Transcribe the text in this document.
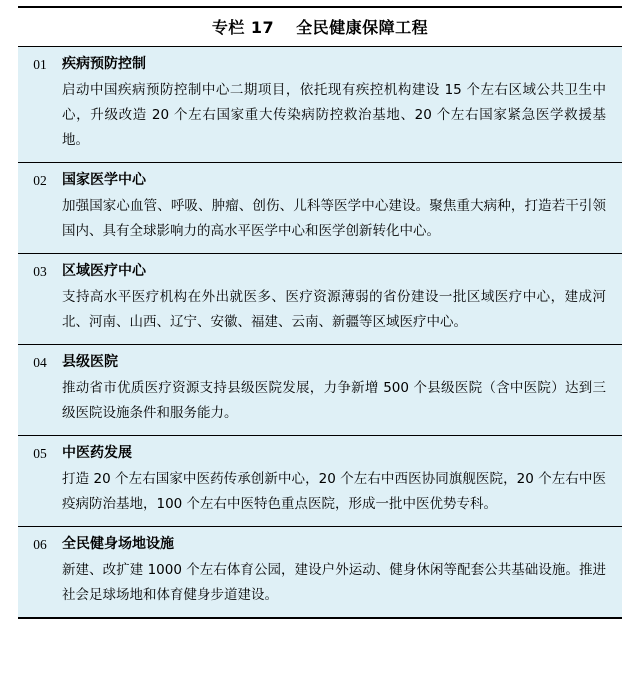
专栏 17 全民健康保障工程
01	疾病预防控制
启动中国疾病预防控制中心二期项目，依托现有疾控机构建设 15 个左右区域公共卫生中心，升级改造 20 个左右国家重大传染病防控救治基地、20 个左右国家紧急医学救援基地。
02	国家医学中心
加强国家心血管、呼吸、肿瘤、创伤、儿科等医学中心建设。聚焦重大病种，打造若干引领国内、具有全球影响力的高水平医学中心和医学创新转化中心。
03	区域医疗中心
支持高水平医疗机构在外出就医多、医疗资源薄弱的省份建设一批区域医疗中心，建成河北、河南、山西、辽宁、安徽、福建、云南、新疆等区域医疗中心。
04	县级医院
推动省市优质医疗资源支持县级医院发展，力争新增 500 个县级医院（含中医院）达到三级医院设施条件和服务能力。
05	中医药发展
打造 20 个左右国家中医药传承创新中心，20 个左右中西医协同旗舰医院，20 个左右中医疫病防治基地，100 个左右中医特色重点医院，形成一批中医优势专科。
06	全民健身场地设施
新建、改扩建 1000 个左右体育公园，建设户外运动、健身休闲等配套公共基础设施。推进社会足球场地和体育健身步道建设。
